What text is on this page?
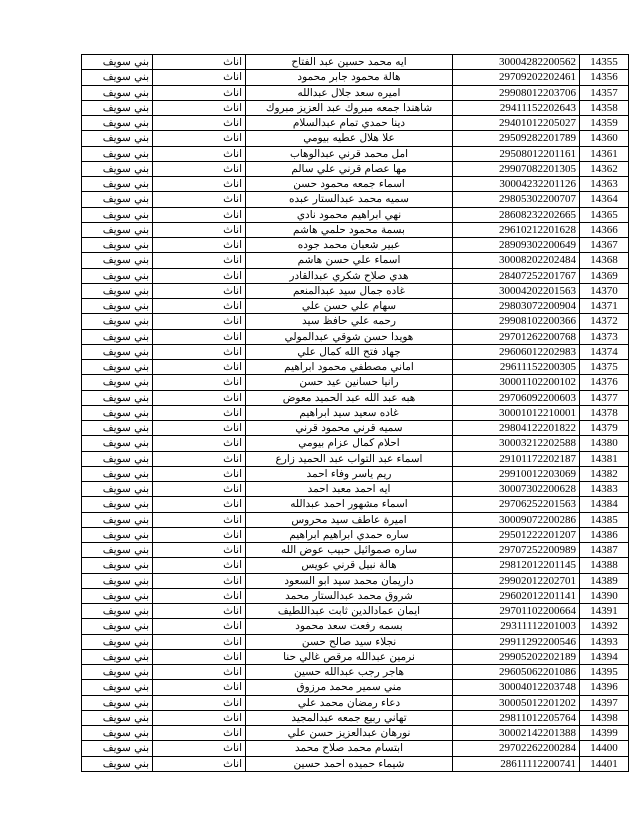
بني سويف	اناث	ايه محمد حسين عبد الفتاح	30004282200562	14355
بني سويف	اناث	هالة محمود جابر محمود	29709202202461	14356
بني سويف	اناث	اميره سعد جلال عبدالله	29908012203706	14357
بني سويف	اناث	شاهندا جمعه مبروك عبد العزيز مبروك	29411152202643	14358
بني سويف	اناث	دينا حمدي تمام عبدالسلام	29401012205027	14359
بني سويف	اناث	علا هلال عطيه بيومي	29509282201789	14360
بني سويف	اناث	امل محمد قرني عبدالوهاب	29508012201161	14361
بني سويف	اناث	مها عصام قرني علي سالم	29907082201305	14362
بني سويف	اناث	اسماء جمعه محمود حسن	30004232201126	14363
بني سويف	اناث	سميه محمد عبدالستار عبده	29805302200707	14364
بني سويف	اناث	نهي ابراهيم محمود نادي	28608232202665	14365
بني سويف	اناث	بسمة محمود حلمي هاشم	29610212201628	14366
بني سويف	اناث	عبير شعبان محمد جوده	28909302200649	14367
بني سويف	اناث	اسماء علي حسن هاشم	30008202202484	14368
بني سويف	اناث	هدي صلاح شكري عبدالقادر	28407252201767	14369
بني سويف	اناث	غاده جمال سيد عبدالمنعم	30004202201563	14370
بني سويف	اناث	سهام علي حسن علي	29803072200904	14371
بني سويف	اناث	رحمه علي حافظ سيد	29908102200366	14372
بني سويف	اناث	هويدا حسن شوقي عبدالمولي	29701262200768	14373
بني سويف	اناث	جهاد فتح الله كمال علي	29606012202983	14374
بني سويف	اناث	اماني مصطفي محمود ابراهيم	29611152200305	14375
بني سويف	اناث	رانيا حسانين عيد حسن	30001102200102	14376
بني سويف	اناث	هبه عبد الله عبد الحميد معوض	29706092200603	14377
بني سويف	اناث	غاده سعيد سيد ابراهيم	30001012210001	14378
بني سويف	اناث	سميه قرني محمود قرني	29804122201822	14379
بني سويف	اناث	احلام كمال عزام بيومي	30003212202588	14380
بني سويف	اناث	اسماء عبد التواب عبد الحميد زارع	29101172202187	14381
بني سويف	اناث	ريم ياسر وفاء احمد	29910012203069	14382
بني سويف	اناث	ايه احمد معبد احمد	30007302200628	14383
بني سويف	اناث	اسماء مشهور احمد عبدالله	29706252201563	14384
بني سويف	اناث	اميرة عاطف سيد محروس	30009072200286	14385
بني سويف	اناث	ساره حمدي ابراهيم ابراهيم	29501222201207	14386
بني سويف	اناث	ساره صموائيل حبيب عوض الله	29707252200989	14387
بني سويف	اناث	هالة نبيل قرني عويس	29812012201145	14388
بني سويف	اناث	داريمان محمد سيد ابو السعود	29902012202701	14389
بني سويف	اناث	شروق محمد عبدالستار محمد	29602012201141	14390
بني سويف	اناث	ايمان عمادالدين ثابت عبداللطيف	29701102200664	14391
بني سويف	اناث	بسمه رفعت سعد محمود	29311112201003	14392
بني سويف	اناث	نجلاء سيد صالح حسن	29911292200546	14393
بني سويف	اناث	نرمين عبدالله مرقص غالي حنا	29905202202189	14394
بني سويف	اناث	هاجر رجب عبدالله حسين	29605062201086	14395
بني سويف	اناث	مني سمير محمد مرزوق	30004012203748	14396
بني سويف	اناث	دعاء رمضان محمد علي	30005012201202	14397
بني سويف	اناث	تهاني ربيع جمعه عبدالمجيد	29811012205764	14398
بني سويف	اناث	نورهان عبدالعزيز حسن علي	30002142201388	14399
بني سويف	اناث	ابتسام محمد صلاح محمد	29702262200284	14400
بني سويف	اناث	شيماء حميده احمد حسين	28611112200741	14401
